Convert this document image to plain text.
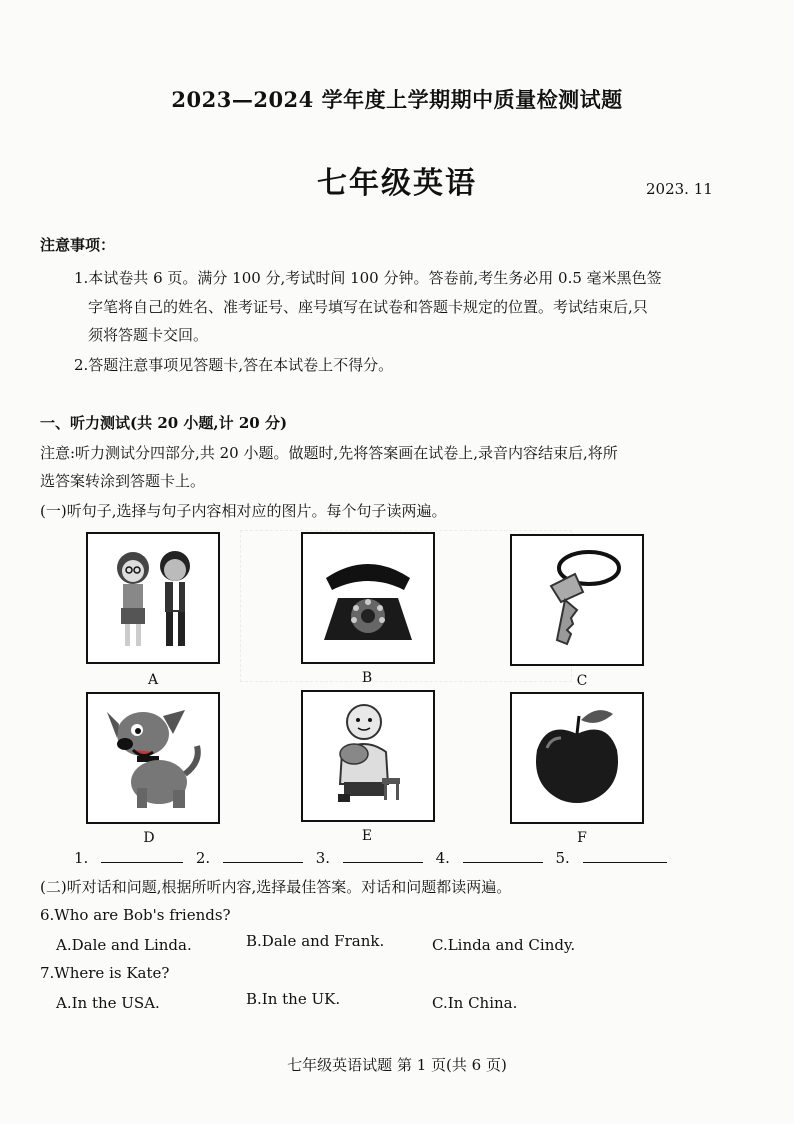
2023—2024 学年度上学期期中质量检测试题
七年级英语	2023. 11
注意事项：
1.本试卷共 6 页。满分 100 分,考试时间 100 分钟。答卷前,考生务必用 0.5 毫米黑色签
字笔将自己的姓名、准考证号、座号填写在试卷和答题卡规定的位置。考试结束后,只
须将答题卡交回。
2.答题注意事项见答题卡,答在本试卷上不得分。
一、听力测试(共 20 小题,计 20 分)
注意:听力测试分四部分,共 20 小题。做题时,先将答案画在试卷上,录音内容结束后,将所
选答案转涂到答题卡上。
(一)听句子,选择与句子内容相对应的图片。每个句子读两遍。
A	B	C
D	E	F
1.	2.	3.	4.	5.
(二)听对话和问题,根据所听内容,选择最佳答案。对话和问题都读两遍。
6.Who are Bob's friends?
A.Dale and Linda.	B.Dale and Frank.	C.Linda and Cindy.
7.Where is Kate?
A.In the USA.	B.In the UK.	C.In China.
七年级英语试题 第 1 页(共 6 页)
